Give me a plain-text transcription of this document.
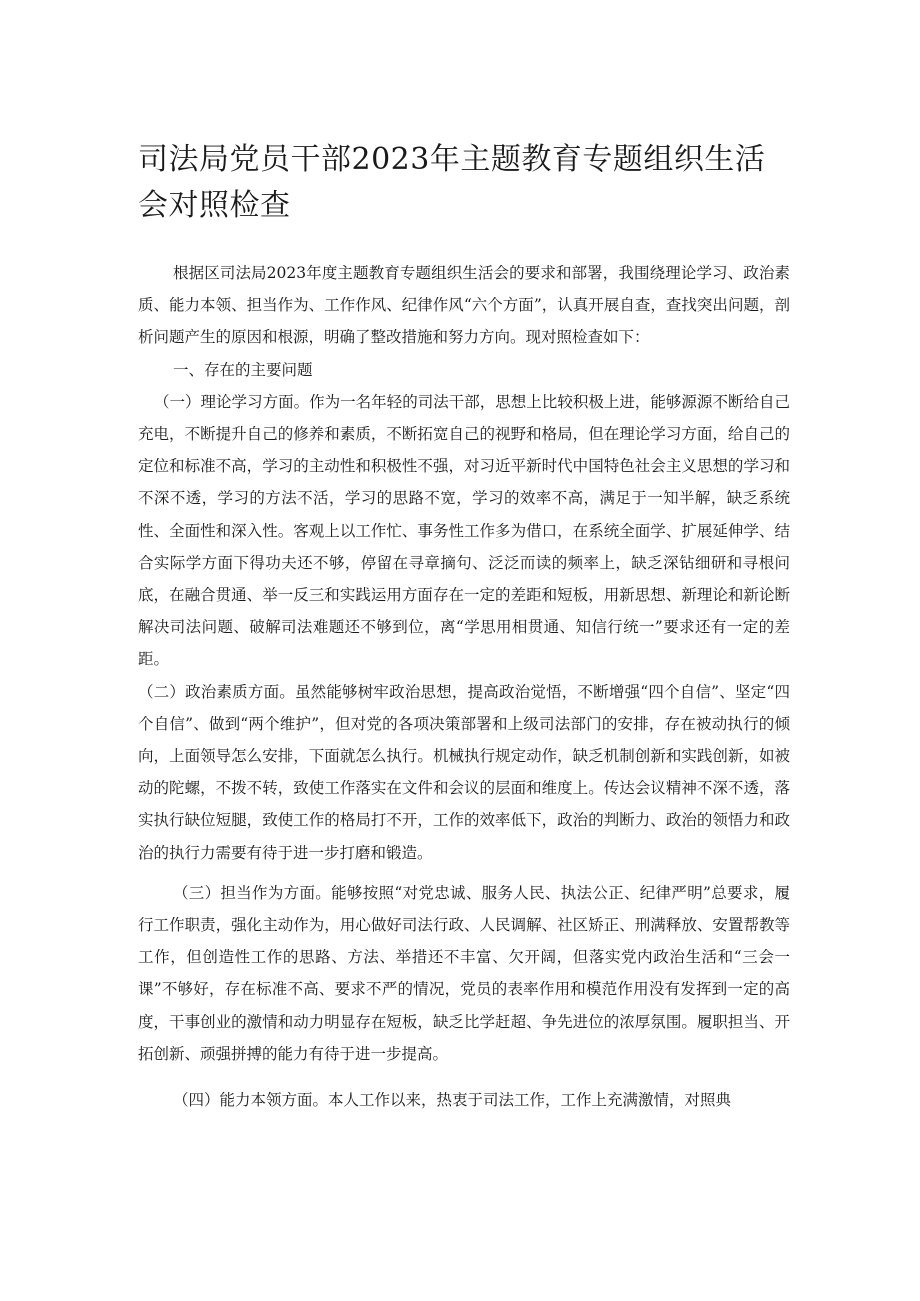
司法局党员干部2023年主题教育专题组织生活会对照检查

根据区司法局2023年度主题教育专题组织生活会的要求和部署，我围绕理论学习、政治素质、能力本领、担当作为、工作作风、纪律作风“六个方面”，认真开展自查，查找突出问题，剖析问题产生的原因和根源，明确了整改措施和努力方向。现对照检查如下：

一、存在的主要问题

（一）理论学习方面。作为一名年轻的司法干部，思想上比较积极上进，能够源源不断给自己充电，不断提升自己的修养和素质，不断拓宽自己的视野和格局，但在理论学习方面，给自己的定位和标准不高，学习的主动性和积极性不强，对习近平新时代中国特色社会主义思想的学习和不深不透，学习的方法不活，学习的思路不宽，学习的效率不高，满足于一知半解，缺乏系统性、全面性和深入性。客观上以工作忙、事务性工作多为借口，在系统全面学、扩展延伸学、结合实际学方面下得功夫还不够，停留在寻章摘句、泛泛而读的频率上，缺乏深钻细研和寻根问底，在融合贯通、举一反三和实践运用方面存在一定的差距和短板，用新思想、新理论和新论断解决司法问题、破解司法难题还不够到位，离“学思用相贯通、知信行统一”要求还有一定的差距。

（二）政治素质方面。虽然能够树牢政治思想，提高政治觉悟，不断增强“四个自信”、坚定“四个自信”、做到“两个维护”，但对党的各项决策部署和上级司法部门的安排，存在被动执行的倾向，上面领导怎么安排，下面就怎么执行。机械执行规定动作，缺乏机制创新和实践创新，如被动的陀螺，不拨不转，致使工作落实在文件和会议的层面和维度上。传达会议精神不深不透，落实执行缺位短腿，致使工作的格局打不开，工作的效率低下，政治的判断力、政治的领悟力和政治的执行力需要有待于进一步打磨和锻造。

（三）担当作为方面。能够按照“对党忠诚、服务人民、执法公正、纪律严明”总要求，履行工作职责，强化主动作为，用心做好司法行政、人民调解、社区矫正、刑满释放、安置帮教等工作，但创造性工作的思路、方法、举措还不丰富、欠开阔，但落实党内政治生活和“三会一课”不够好，存在标准不高、要求不严的情况，党员的表率作用和模范作用没有发挥到一定的高度，干事创业的激情和动力明显存在短板，缺乏比学赶超、争先进位的浓厚氛围。履职担当、开拓创新、顽强拼搏的能力有待于进一步提高。

（四）能力本领方面。本人工作以来，热衷于司法工作，工作上充满激情，对照典
